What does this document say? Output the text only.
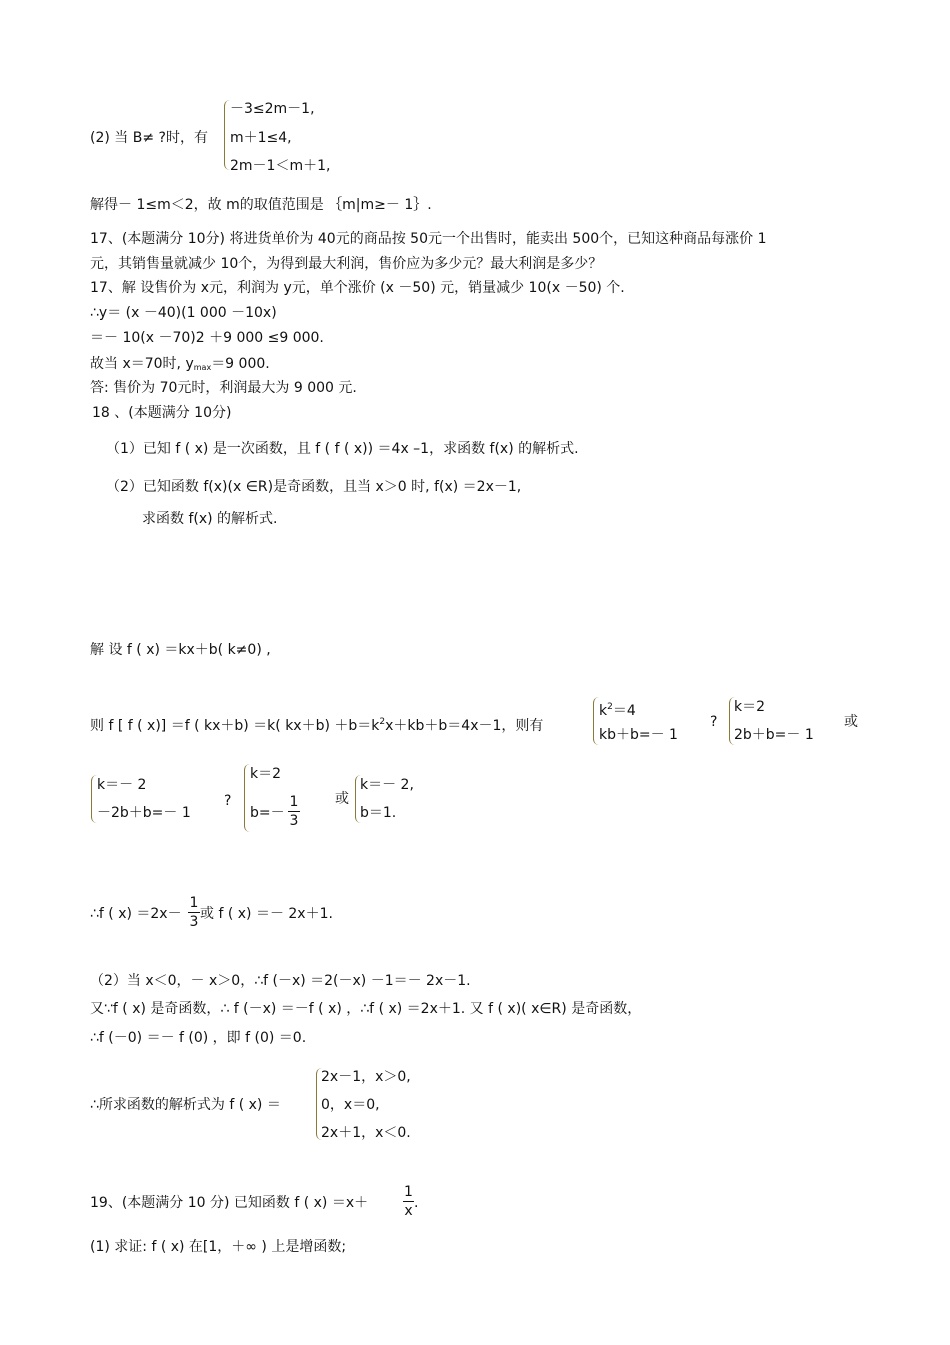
(2) 当 B≠ ?时，有
－3≤2m－1,
m＋1≤4,
2m－1＜m＋1,
解得－ 1≤m＜2，故 m的取值范围是 ｛m|m≥－ 1｝.
17、(本题满分 10分) 将进货单价为 40元的商品按 50元一个出售时，能卖出 500个，已知这种商品每涨价 1
元，其销售量就减少 10个，为得到最大利润，售价应为多少元？最大利润是多少？
17、解 设售价为 x元，利润为 y元，单个涨价 (x －50) 元，销量减少 10(x －50) 个.
∴y＝ (x －40)(1 000 －10x)
＝－ 10(x －70)2 ＋9 000 ≤9 000.
故当 x＝70时, $y_{max}=9$ 000.
答: 售价为 70元时，利润最大为 9 000 元.
18 、(本题满分 10分)
（1）已知 f ( x) 是一次函数，且 f ( f ( x)) ＝4x –1，求函数 f(x) 的解析式.
（2）已知函数 f(x)(x ∈R)是奇函数，且当 x＞0 时, f(x) ＝2x－1,
求函数 f(x) 的解析式.
解 设 f ( x) ＝kx＋b( k≠0) ,
则 f [ f ( x)] ＝f ( kx＋b) ＝k( $kx+b) +b=k^2x+kb+b=4x-1$，则有
$k^2=4$
kb＋b=－ 1
?
k＝2
2b＋b=－ 1
或
k＝－ 2
－2b＋b=－ 1
?
k＝2
b=－
1
3
或
k＝－ 2,
b＝1.
∴f ( x) ＝2x－
1
3 或 f ( x) ＝－ 2x＋1.
（2）当 x＜0，－ x＞0，∴f (－x) ＝2(－x) －1＝－ 2x－1.
又∵f ( x) 是奇函数，∴ f (－x) ＝－f ( x) ，∴f ( x) ＝2x＋1. 又 f ( x)( x∈R) 是奇函数，
∴f (－0) ＝－ f (0) ，即 f (0) ＝0.
∴所求函数的解析式为 f ( x) ＝
2x－1，x＞0,
0，x＝0,
2x＋1，x＜0.
19、(本题满分 10 分) 已知函数 f ( x) ＝x＋
1
x .
(1) 求证: f ( x) 在[1，＋∞ ) 上是增函数;
